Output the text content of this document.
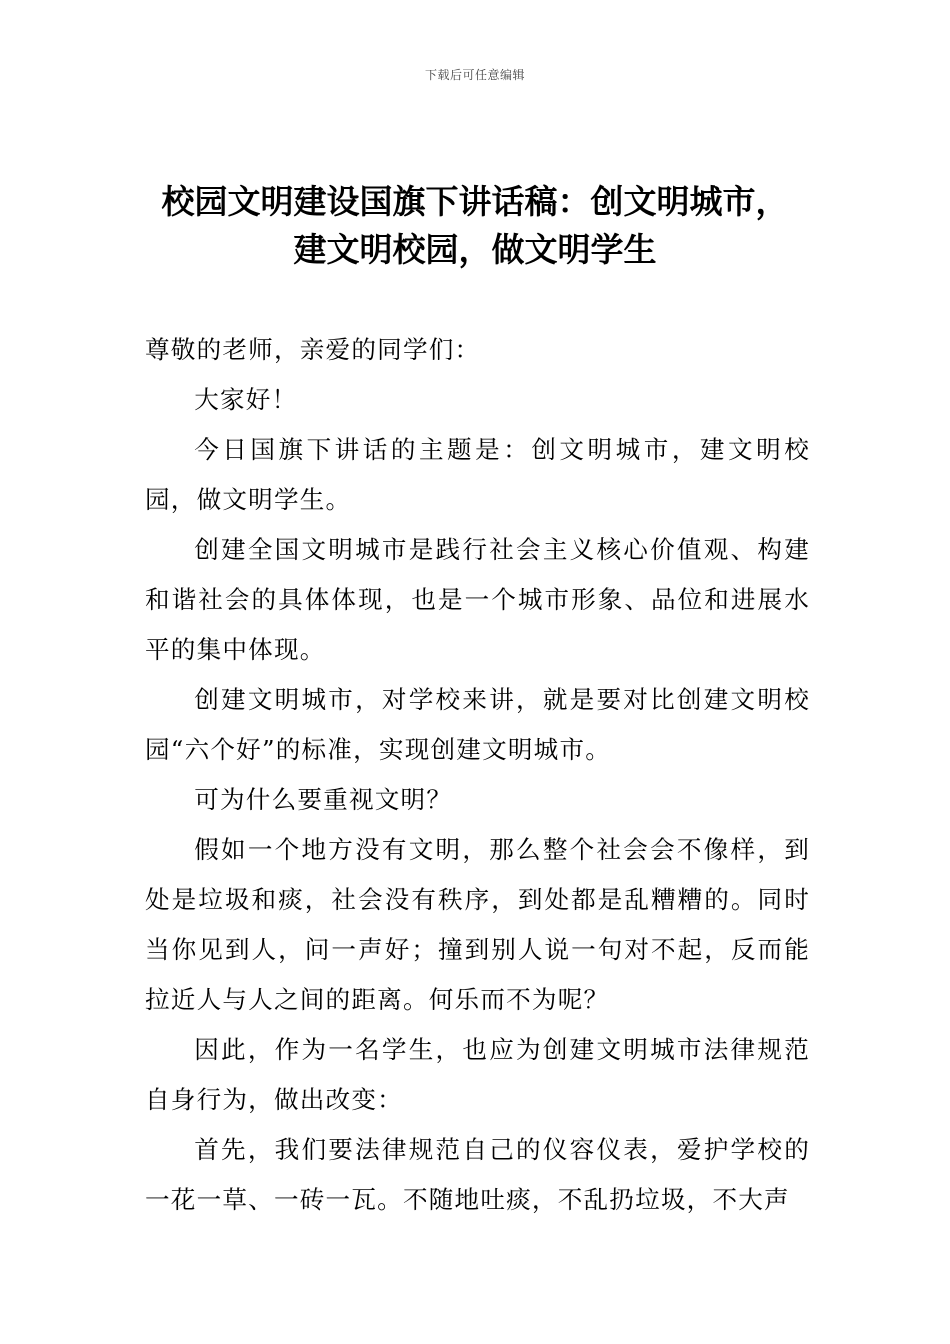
下载后可任意编辑
校园文明建设国旗下讲话稿：创文明城市，
建文明校园，做文明学生

尊敬的老师，亲爱的同学们：

大家好！

今日国旗下讲话的主题是：创文明城市，建文明校园，做文明学生。

创建全国文明城市是践行社会主义核心价值观、构建和谐社会的具体体现，也是一个城市形象、品位和进展水平的集中体现。

创建文明城市，对学校来讲，就是要对比创建文明校园“六个好”的标准，实现创建文明城市。

可为什么要重视文明？

假如一个地方没有文明，那么整个社会会不像样，到处是垃圾和痰，社会没有秩序，到处都是乱糟糟的。同时当你见到人，问一声好；撞到别人说一句对不起，反而能拉近人与人之间的距离。何乐而不为呢？

因此，作为一名学生，也应为创建文明城市法律规范自身行为，做出改变：

首先，我们要法律规范自己的仪容仪表，爱护学校的一花一草、一砖一瓦。不随地吐痰，不乱扔垃圾，不大声
